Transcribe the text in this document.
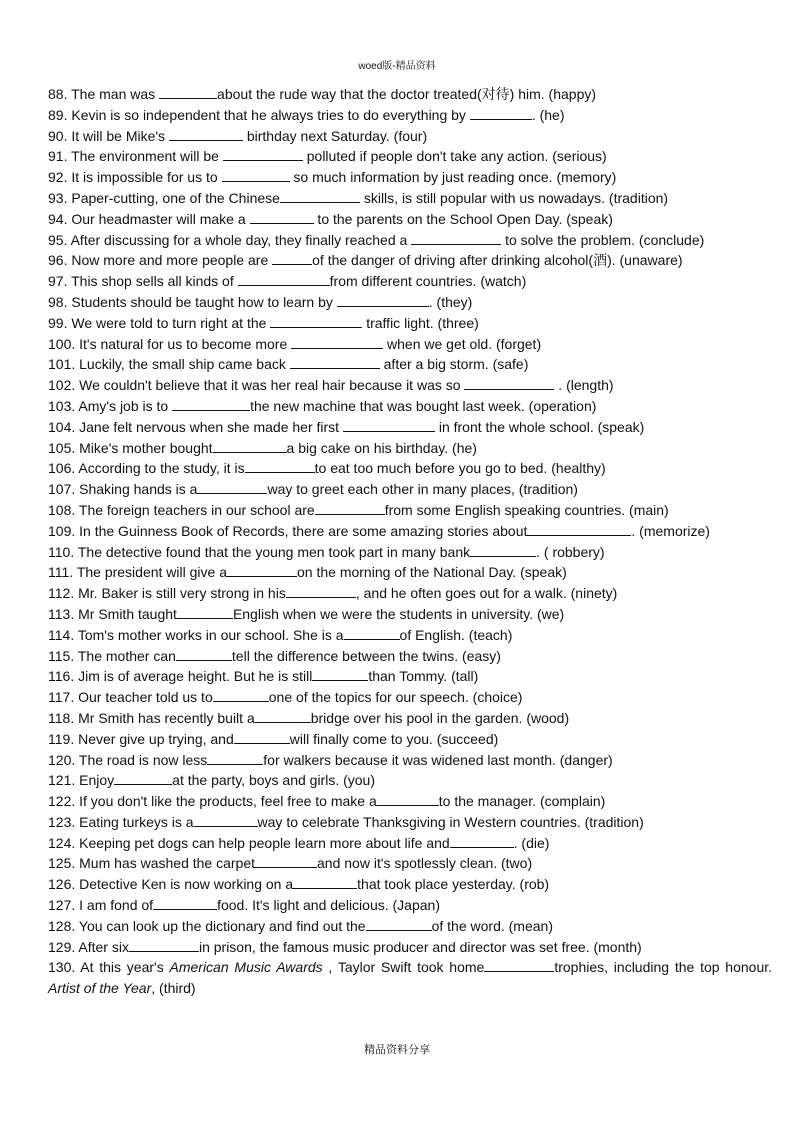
woed版-精品资料
88. The man was	about the rude way that the doctor treated(对待) him. (happy)
89. Kevin is so independent that he always tries to do everything by	. (he)
90. It will be Mike's	birthday next Saturday. (four)
91. The environment will be	polluted if people don't take any action. (serious)
92. It is impossible for us to	so much information by just reading once. (memory)
93. Paper-cutting, one of the Chinese	skills, is still popular with us nowadays. (tradition)
94. Our headmaster will make a	to the parents on the School Open Day. (speak)
95. After discussing for a whole day, they finally reached a	to solve the problem. (conclude)
96. Now more and more people are	of the danger of driving after drinking alcohol(酒). (unaware)
97. This shop sells all kinds of	from different countries. (watch)
98. Students should be taught how to learn by	. (they)
99. We were told to turn right at the	traffic light. (three)
100. It's natural for us to become more	when we get old. (forget)
101. Luckily, the small ship came back	after a big storm. (safe)
102. We couldn't believe that it was her real hair because it was so	. (length)
103. Amy's job is to	the new machine that was bought last week. (operation)
104. Jane felt nervous when she made her first	in front the whole school. (speak)
105. Mike's mother bought	a big cake on his birthday. (he)
106. According to the study, it is	to eat too much before you go to bed. (healthy)
107. Shaking hands is a	way to greet each other in many places, (tradition)
108. The foreign teachers in our school are	from some English speaking countries. (main)
109. In the Guinness Book of Records, there are some amazing stories about	. (memorize)
110. The detective found that the young men took part in many bank	. ( robbery)
111. The president will give a	on the morning of the National Day. (speak)
112. Mr. Baker is still very strong in his	, and he often goes out for a walk. (ninety)
113. Mr Smith taught	English when we were the students in university. (we)
114. Tom's mother works in our school. She is a	of English. (teach)
115. The mother can	tell the difference between the twins. (easy)
116. Jim is of average height. But he is still	than Tommy. (tall)
117. Our teacher told us to	one of the topics for our speech. (choice)
118. Mr Smith has recently built a	bridge over his pool in the garden. (wood)
119. Never give up trying, and	will finally come to you. (succeed)
120. The road is now less	for walkers because it was widened last month. (danger)
121. Enjoy	at the party, boys and girls. (you)
122. If you don't like the products, feel free to make a	to the manager. (complain)
123. Eating turkeys is a	way to celebrate Thanksgiving in Western countries. (tradition)
124. Keeping pet dogs can help people learn more about life and	. (die)
125. Mum has washed the carpet	and now it's spotlessly clean. (two)
126. Detective Ken is now working on a	that took place yesterday. (rob)
127. I am fond of	food. It's light and delicious. (Japan)
128. You can look up the dictionary and find out the	of the word. (mean)
129. After six	in prison, the famous music producer and director was set free. (month)
130. At this year's American Music Awards , Taylor Swift took home	trophies, including the top honour. Artist of the Year, (third)
精品资料分享
